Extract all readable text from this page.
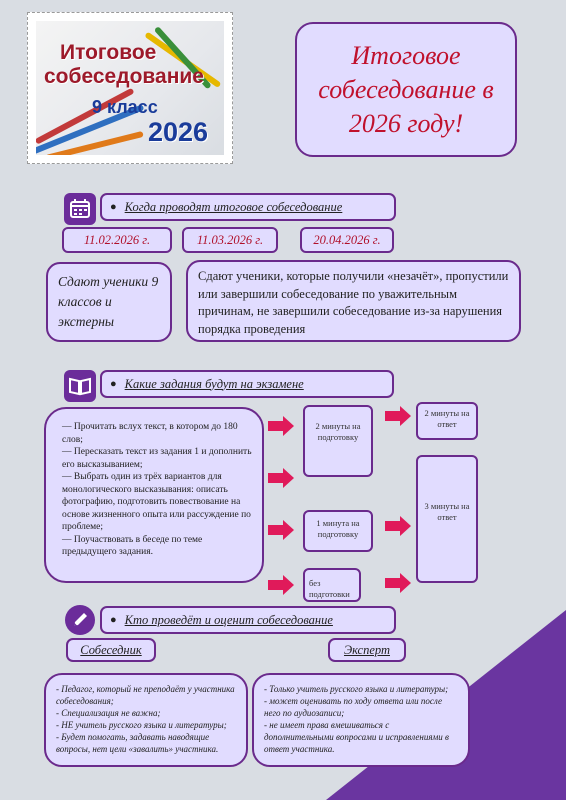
Итоговое
собеседование
9 класс
2026
Итоговое собеседование в 2026 году!
● Когда проводят итоговое собеседование
11.02.2026 г.	11.03.2026 г.	20.04.2026 г.
Сдают ученики 9 классов и экстерны
Сдают ученики, которые получили «незачёт», пропустили или завершили собеседование по уважительным причинам, не завершили собеседование из-за нарушения порядка проведения
● Какие задания будут на экзамене
— Прочитать вслух текст, в котором до 180 слов;
— Пересказать текст из задания 1 и дополнить его высказыванием;
— Выбрать один из трёх вариантов для монологического высказывания: описать фотографию, подготовить повествование на основе жизненного опыта или рассуждение по проблеме;
— Поучаствовать в беседе по теме предыдущего задания.
2 минуты на подготовку
1 минута на подготовку
без подготовки
2 минуты на ответ
3 минуты на ответ
● Кто проведёт и оценит собеседование
Собеседник	Эксперт
- Педагог, который не преподаёт у участника собеседования;
- Специализация не важна;
- НЕ учитель русского языка и литературы;
- Будет помогать, задавать наводящие вопросы, нет цели «завалить» участника.
- Только учитель русского языка и литературы;
- может оценивать по ходу ответа или после него по аудиозаписи;
- не имеет права вмешиваться с дополнительными вопросами и исправлениями в ответ участника.
